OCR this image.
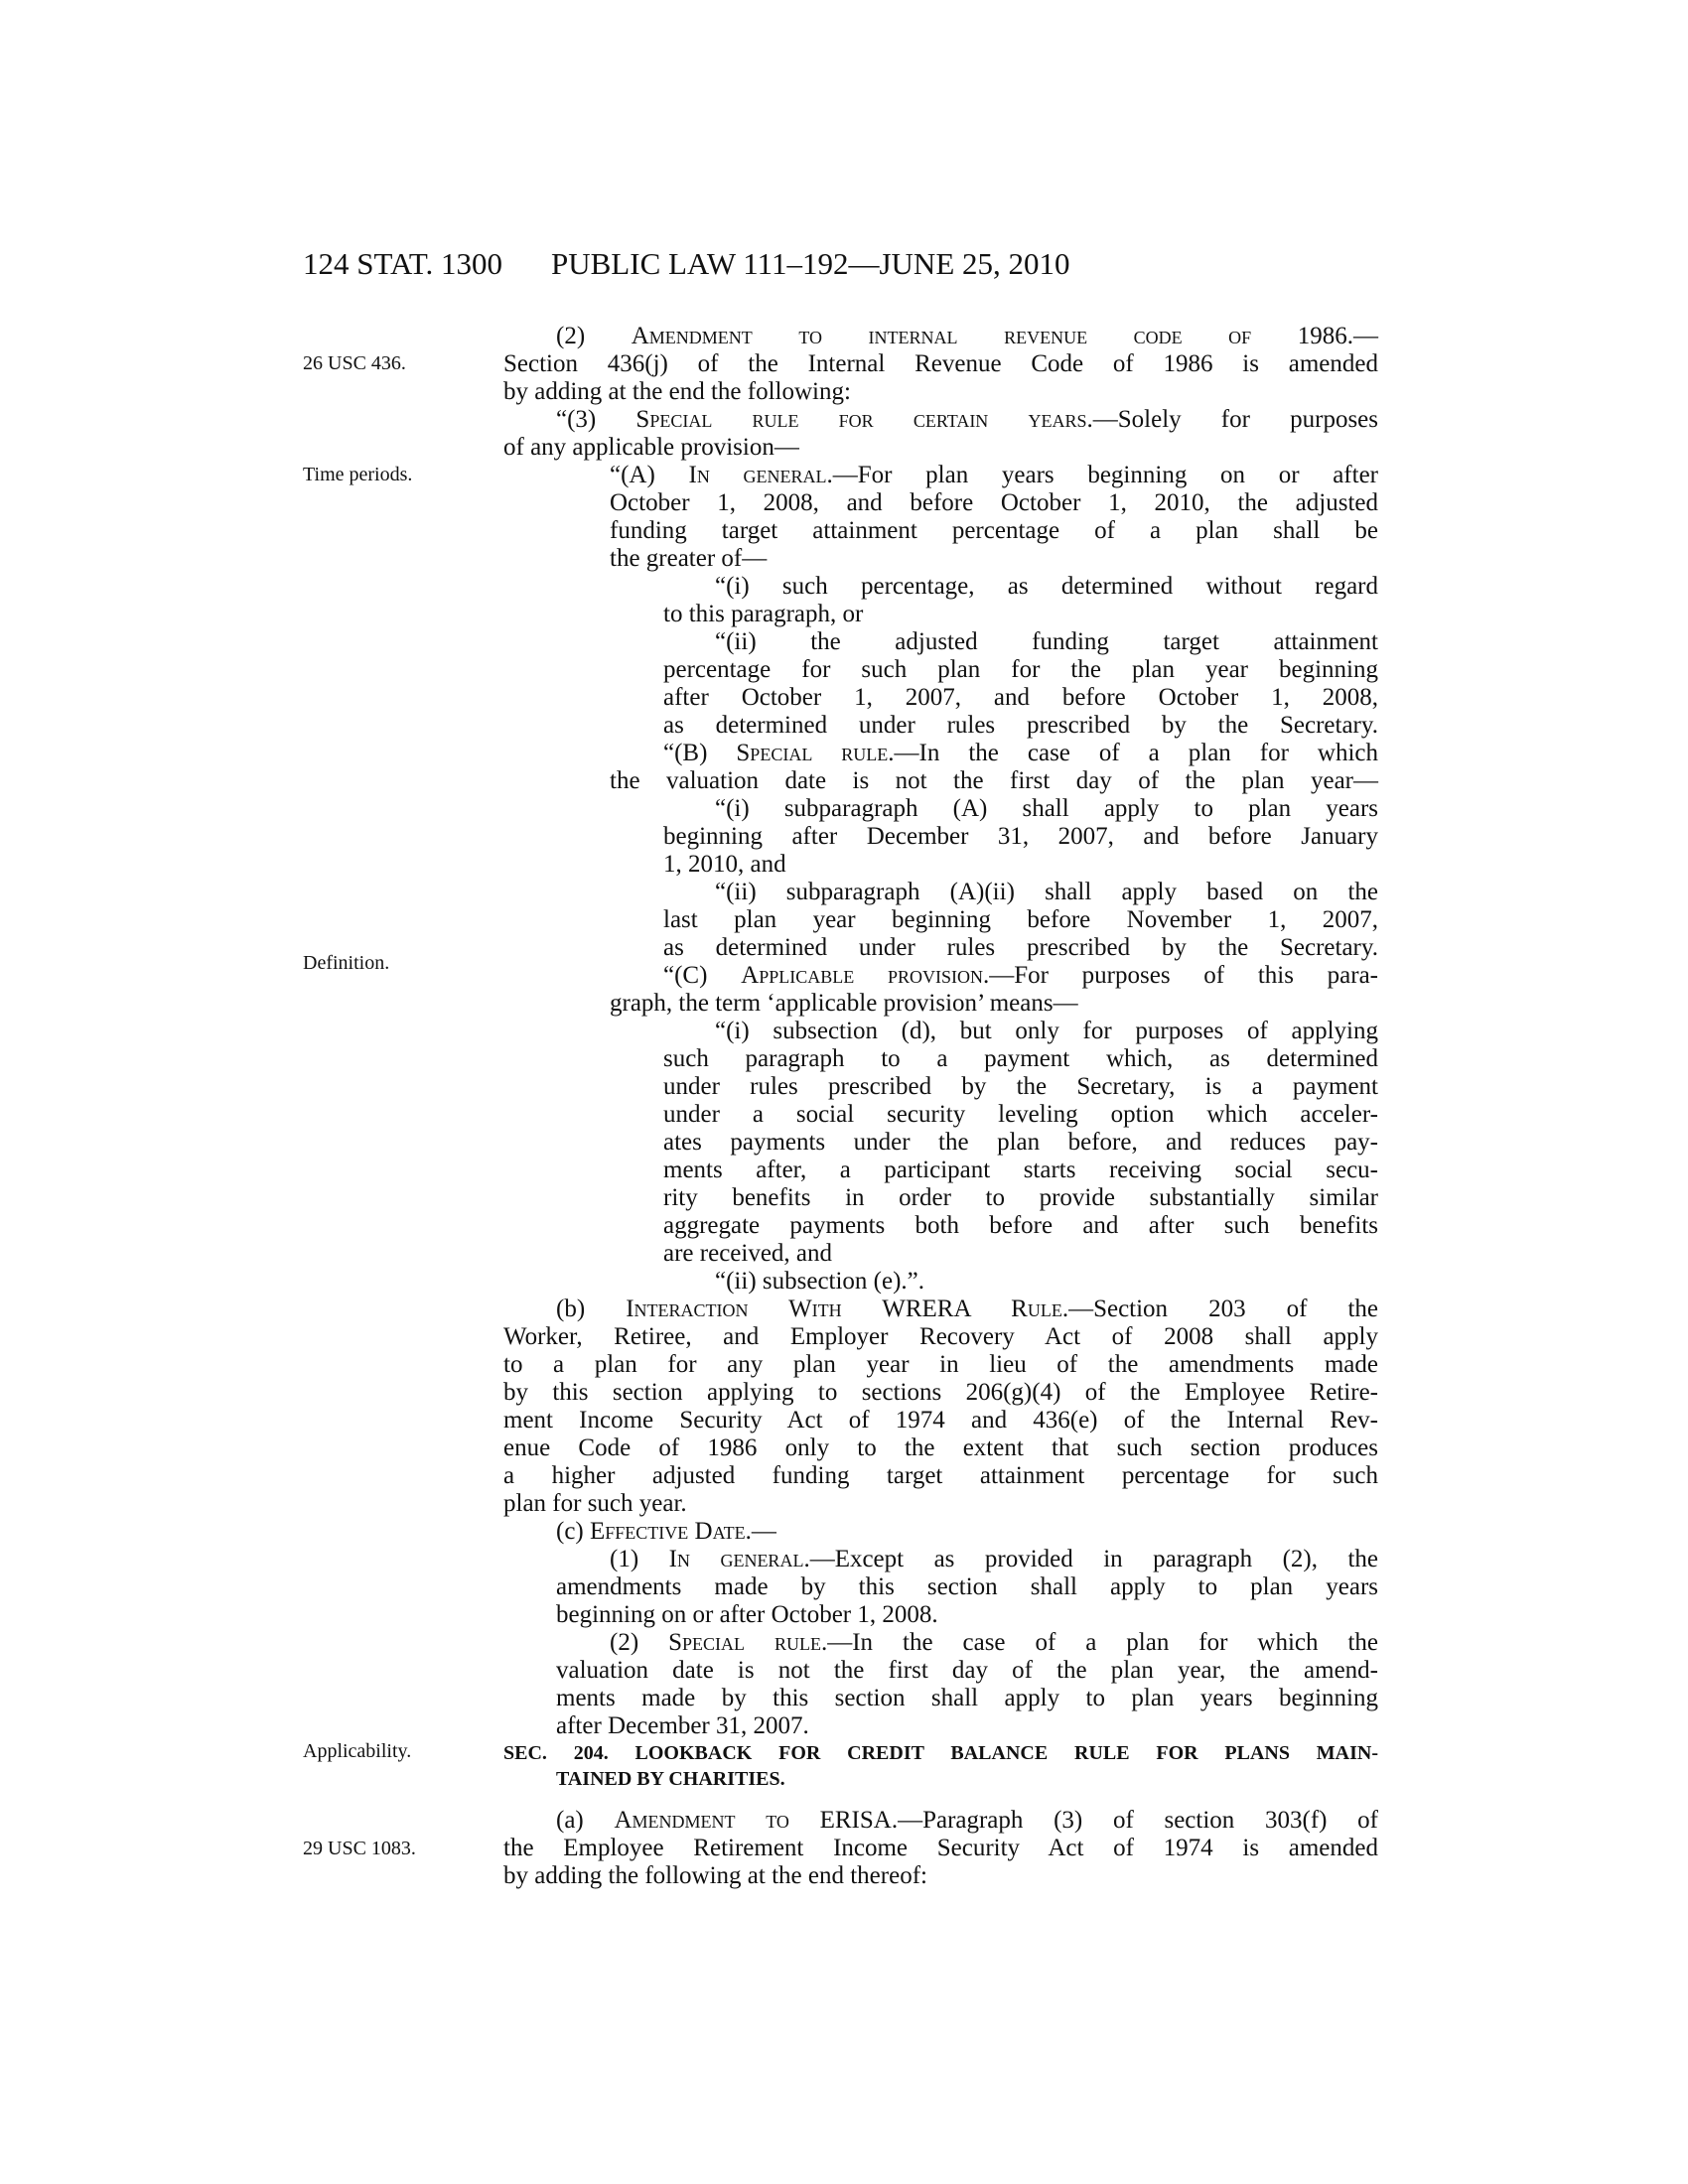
124 STAT. 1300 PUBLIC LAW 111–192—JUNE 25, 2010
26 USC 436.
Time periods.
Definition.
Applicability.
29 USC 1083.
(2) Amendment to internal revenue code of 1986.—
Section 436(j) of the Internal Revenue Code of 1986 is amended
by adding at the end the following:
“(3) Special rule for certain years.—Solely for purposes
of any applicable provision—
“(A) In general.—For plan years beginning on or after
October 1, 2008, and before October 1, 2010, the adjusted
funding target attainment percentage of a plan shall be
the greater of—
“(i) such percentage, as determined without regard
to this paragraph, or
“(ii) the adjusted funding target attainment
percentage for such plan for the plan year beginning
after October 1, 2007, and before October 1, 2008,
as determined under rules prescribed by the Secretary.
“(B) Special rule.—In the case of a plan for which
the valuation date is not the first day of the plan year—
“(i) subparagraph (A) shall apply to plan years
beginning after December 31, 2007, and before January
1, 2010, and
“(ii) subparagraph (A)(ii) shall apply based on the
last plan year beginning before November 1, 2007,
as determined under rules prescribed by the Secretary.
“(C) Applicable provision.—For purposes of this para-
graph, the term ‘applicable provision’ means—
“(i) subsection (d), but only for purposes of applying
such paragraph to a payment which, as determined
under rules prescribed by the Secretary, is a payment
under a social security leveling option which acceler-
ates payments under the plan before, and reduces pay-
ments after, a participant starts receiving social secu-
rity benefits in order to provide substantially similar
aggregate payments both before and after such benefits
are received, and
“(ii) subsection (e).”.
(b) Interaction With WRERA Rule.—Section 203 of the
Worker, Retiree, and Employer Recovery Act of 2008 shall apply
to a plan for any plan year in lieu of the amendments made
by this section applying to sections 206(g)(4) of the Employee Retire-
ment Income Security Act of 1974 and 436(e) of the Internal Rev-
enue Code of 1986 only to the extent that such section produces
a higher adjusted funding target attainment percentage for such
plan for such year.
(c) Effective Date.—
(1) In general.—Except as provided in paragraph (2), the
amendments made by this section shall apply to plan years
beginning on or after October 1, 2008.
(2) Special rule.—In the case of a plan for which the
valuation date is not the first day of the plan year, the amend-
ments made by this section shall apply to plan years beginning
after December 31, 2007.
SEC. 204. LOOKBACK FOR CREDIT BALANCE RULE FOR PLANS MAIN-
TAINED BY CHARITIES.
(a) Amendment to ERISA.—Paragraph (3) of section 303(f) of
the Employee Retirement Income Security Act of 1974 is amended
by adding the following at the end thereof:
